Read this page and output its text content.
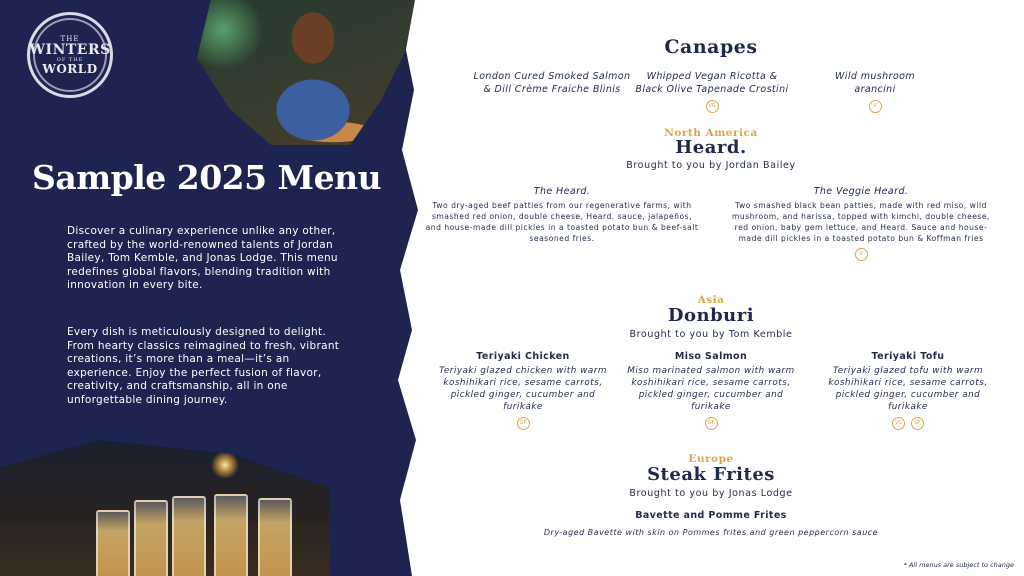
THE
WINTERS
OF THE
WORLD
Sample 2025 Menu

Discover a culinary experience unlike any other, crafted by the world-renowned talents of Jordan Bailey, Tom Kemble, and Jonas Lodge. This menu redefines global flavors, blending tradition with innovation in every bite.

Every dish is meticulously designed to delight. From hearty classics reimagined to fresh, vibrant creations, it’s more than a meal—it’s an experience. Enjoy the perfect fusion of flavor, creativity, and craftsmanship, all in one unforgettable dining journey.

Canapes
London Cured Smoked Salmon & Dill Crème Fraiche Blinis
Whipped Vegan Ricotta & Black Olive Tapenade Crostini
VG
Wild mushroom arancini
V
North America
Heard.
Brought to you by Jordan Bailey
The Heard.
Two dry-aged beef patties from our regenerative farms, with smashed red onion, double cheese, Heard. sauce, jalapeños, and house-made dill pickles in a toasted potato bun & beef-salt seasoned fries.
The Veggie Heard.
Two smashed black bean patties, made with red miso, wild mushroom, and harissa, topped with kimchi, double cheese, red onion, baby gem lettuce, and Heard. Sauce and house-made dill pickles in a toasted potato bun & Koffman fries
V
Asia
Donburi
Brought to you by Tom Kemble
Teriyaki Chicken
Teriyaki glazed chicken with warm koshihikari rice, sesame carrots, pickled ginger, cucumber and furikake
GF
Miso Salmon
Miso marinated salmon with warm koshihikari rice, sesame carrots, pickled ginger, cucumber and furikake
GF
Teriyaki Tofu
Teriyaki glazed tofu with warm koshihikari rice, sesame carrots, pickled ginger, cucumber and furikake
VG	GF
Europe
Steak Frites
Brought to you by Jonas Lodge
Bavette and Pomme Frites
Dry-aged Bavette with skin on Pommes frites and green peppercorn sauce
* All menus are subject to change
